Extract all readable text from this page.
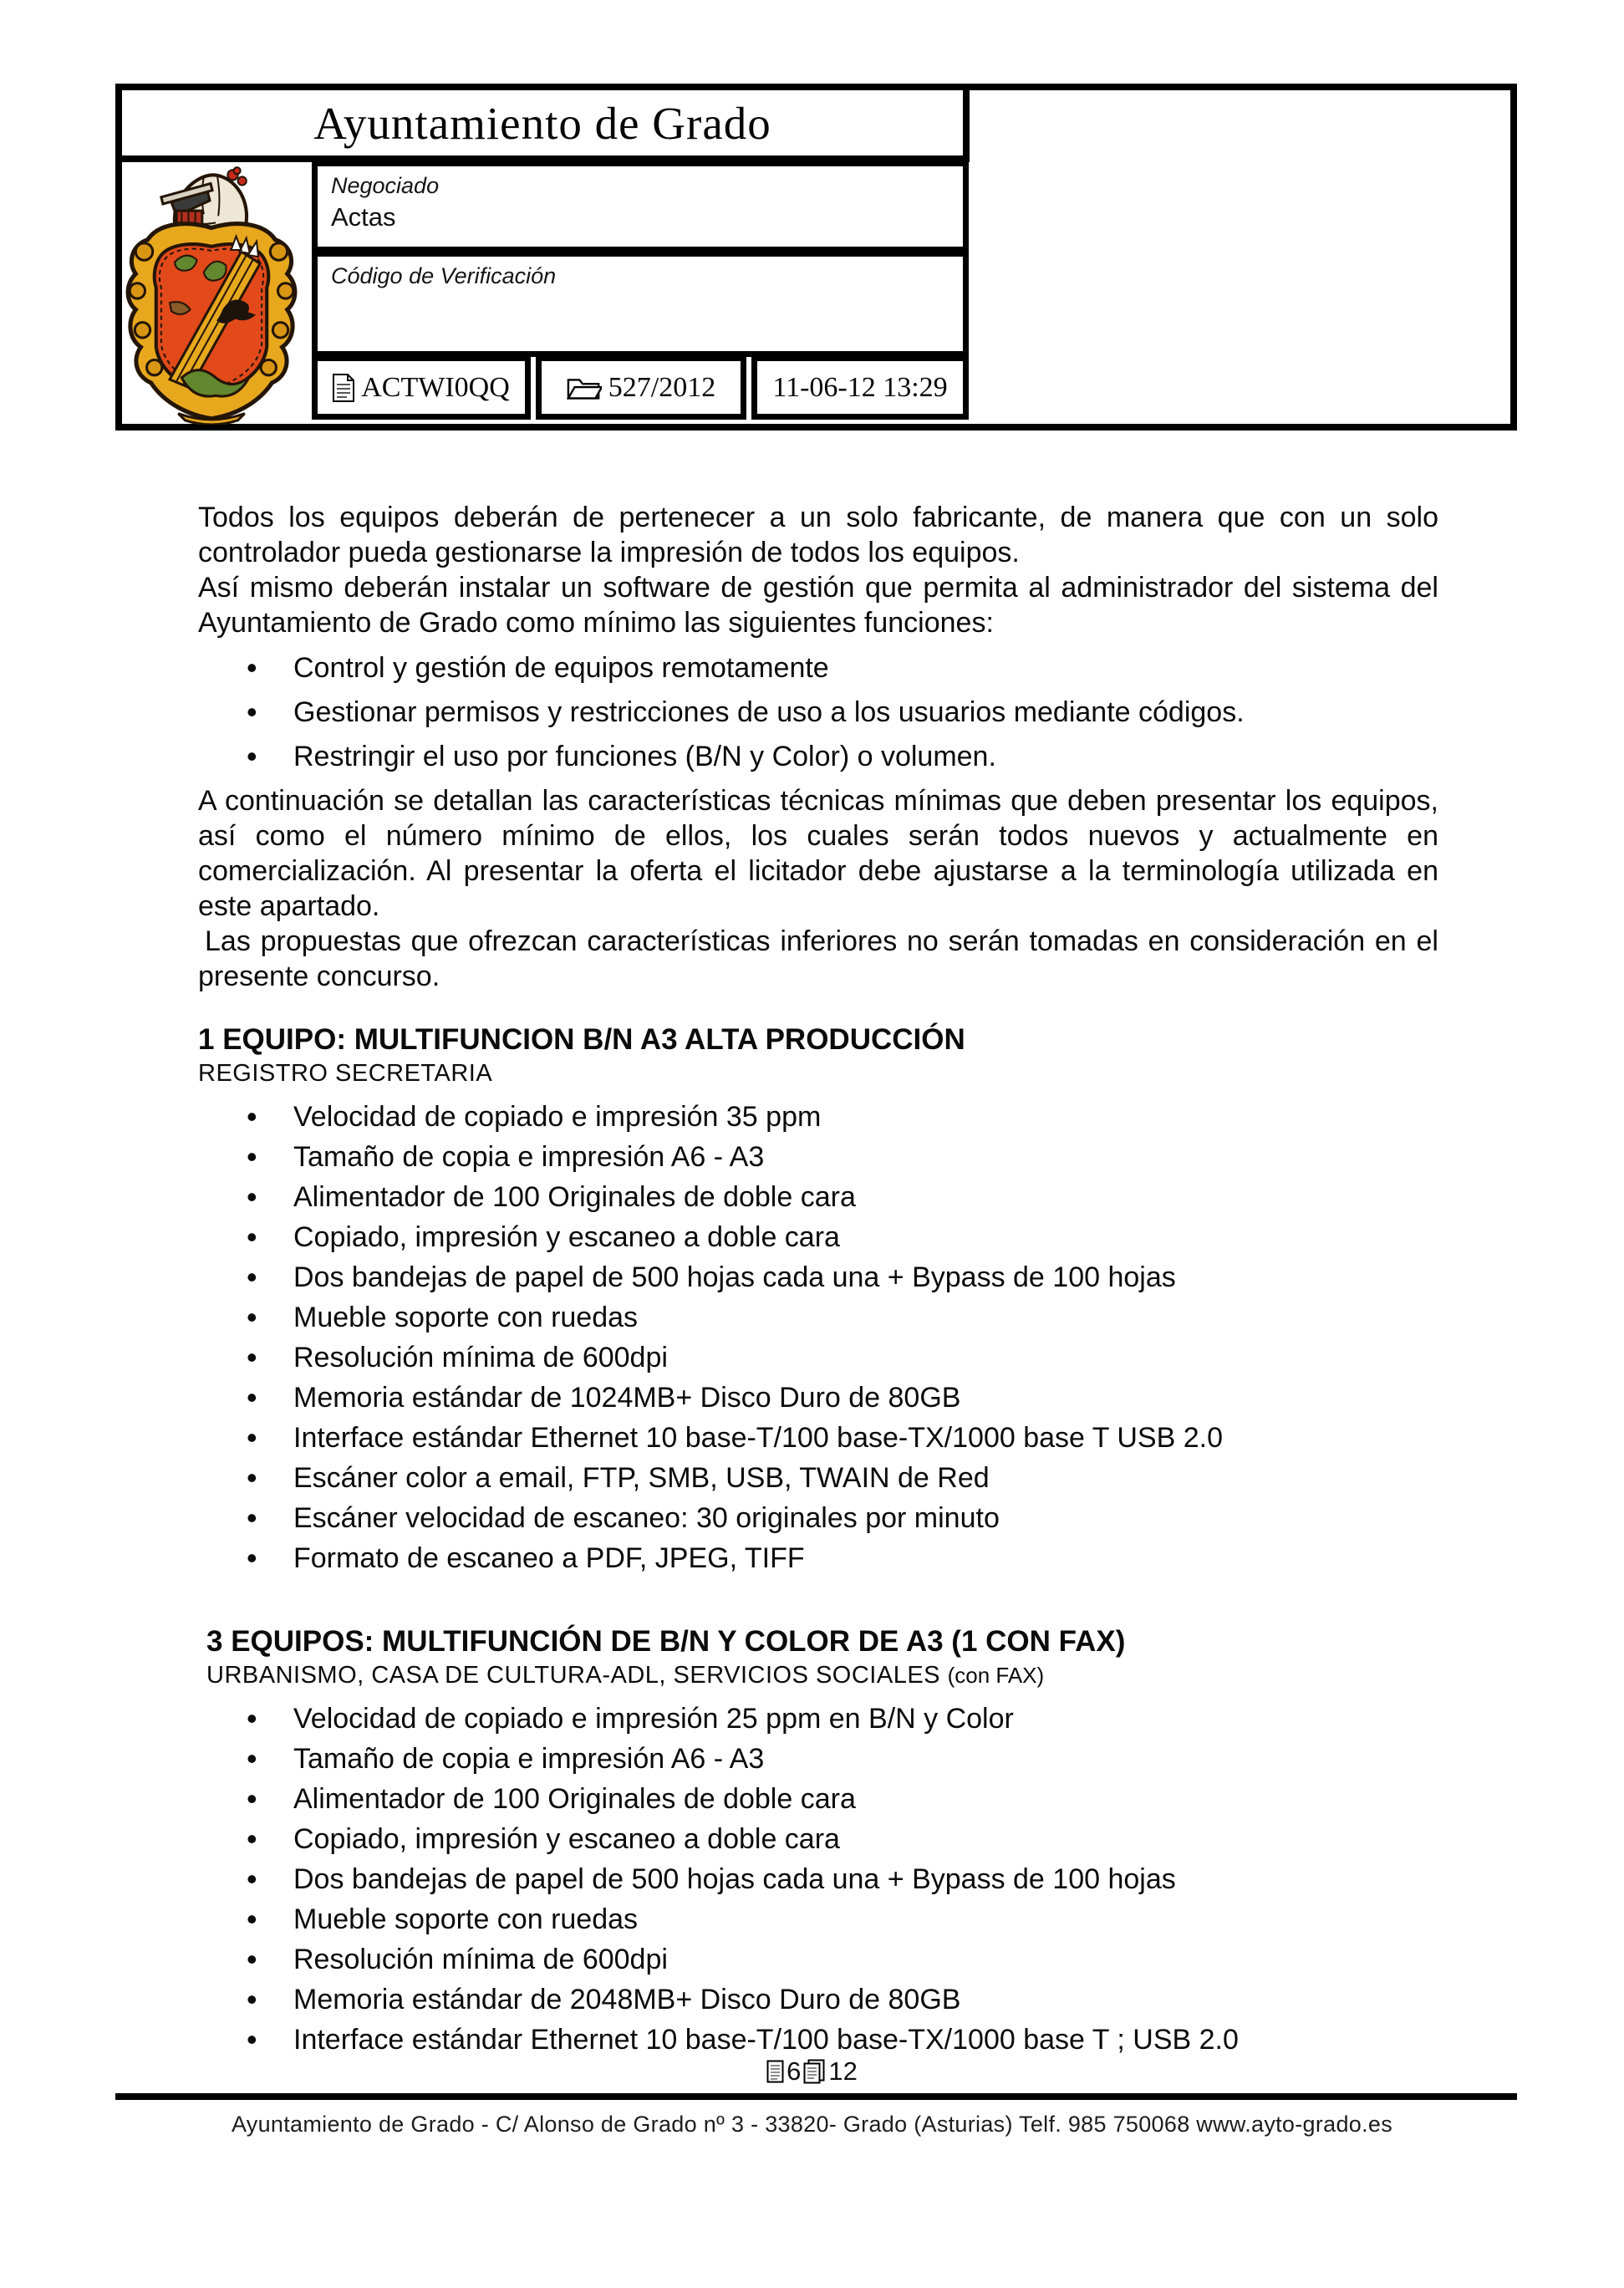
Ayuntamiento de Grado
Negociado
Actas
Código de Verificación
ACTWI0QQ	527/2012 11-06-12 13:29

Todos los equipos deberán de pertenecer a un solo fabricante, de manera que con un solo controlador pueda gestionarse la impresión de todos los equipos.

Así mismo deberán instalar un software de gestión que permita al administrador del sistema del Ayuntamiento de Grado como mínimo las siguientes funciones:

• Control y gestión de equipos remotamente
• Gestionar permisos y restricciones de uso a los usuarios mediante códigos.
• Restringir el uso por funciones (B/N y Color) o volumen.

A continuación se detallan las características técnicas mínimas que deben presentar los equipos, así como el número mínimo de ellos, los cuales serán todos nuevos y actualmente en comercialización. Al presentar la oferta el licitador debe ajustarse a la terminología utilizada en este apartado.

Las propuestas que ofrezcan características inferiores no serán tomadas en consideración en el presente concurso.

1 EQUIPO: MULTIFUNCION B/N A3 ALTA PRODUCCIÓN
REGISTRO SECRETARIA
• Velocidad de copiado e impresión 35 ppm
• Tamaño de copia e impresión A6 - A3
• Alimentador de 100 Originales de doble cara
• Copiado, impresión y escaneo a doble cara
• Dos bandejas de papel de 500 hojas cada una + Bypass de 100 hojas
• Mueble soporte con ruedas
• Resolución mínima de 600dpi
• Memoria estándar de 1024MB+ Disco Duro de 80GB
• Interface estándar Ethernet 10 base-T/100 base-TX/1000 base T USB 2.0
• Escáner color a email, FTP, SMB, USB, TWAIN de Red
• Escáner velocidad de escaneo: 30 originales por minuto
• Formato de escaneo a PDF, JPEG, TIFF
3 EQUIPOS: MULTIFUNCIÓN DE B/N Y COLOR DE A3 (1 CON FAX)
URBANISMO, CASA DE CULTURA-ADL, SERVICIOS SOCIALES (con FAX)
• Velocidad de copiado e impresión 25 ppm en B/N y Color
• Tamaño de copia e impresión A6 - A3
• Alimentador de 100 Originales de doble cara
• Copiado, impresión y escaneo a doble cara
• Dos bandejas de papel de 500 hojas cada una + Bypass de 100 hojas
• Mueble soporte con ruedas
• Resolución mínima de 600dpi
• Memoria estándar de 2048MB+ Disco Duro de 80GB
• Interface estándar Ethernet 10 base-T/100 base-TX/1000 base T ; USB 2.0
6 12
Ayuntamiento de Grado - C/ Alonso de Grado nº 3 - 33820- Grado (Asturias) Telf. 985 750068 www.ayto-grado.es
